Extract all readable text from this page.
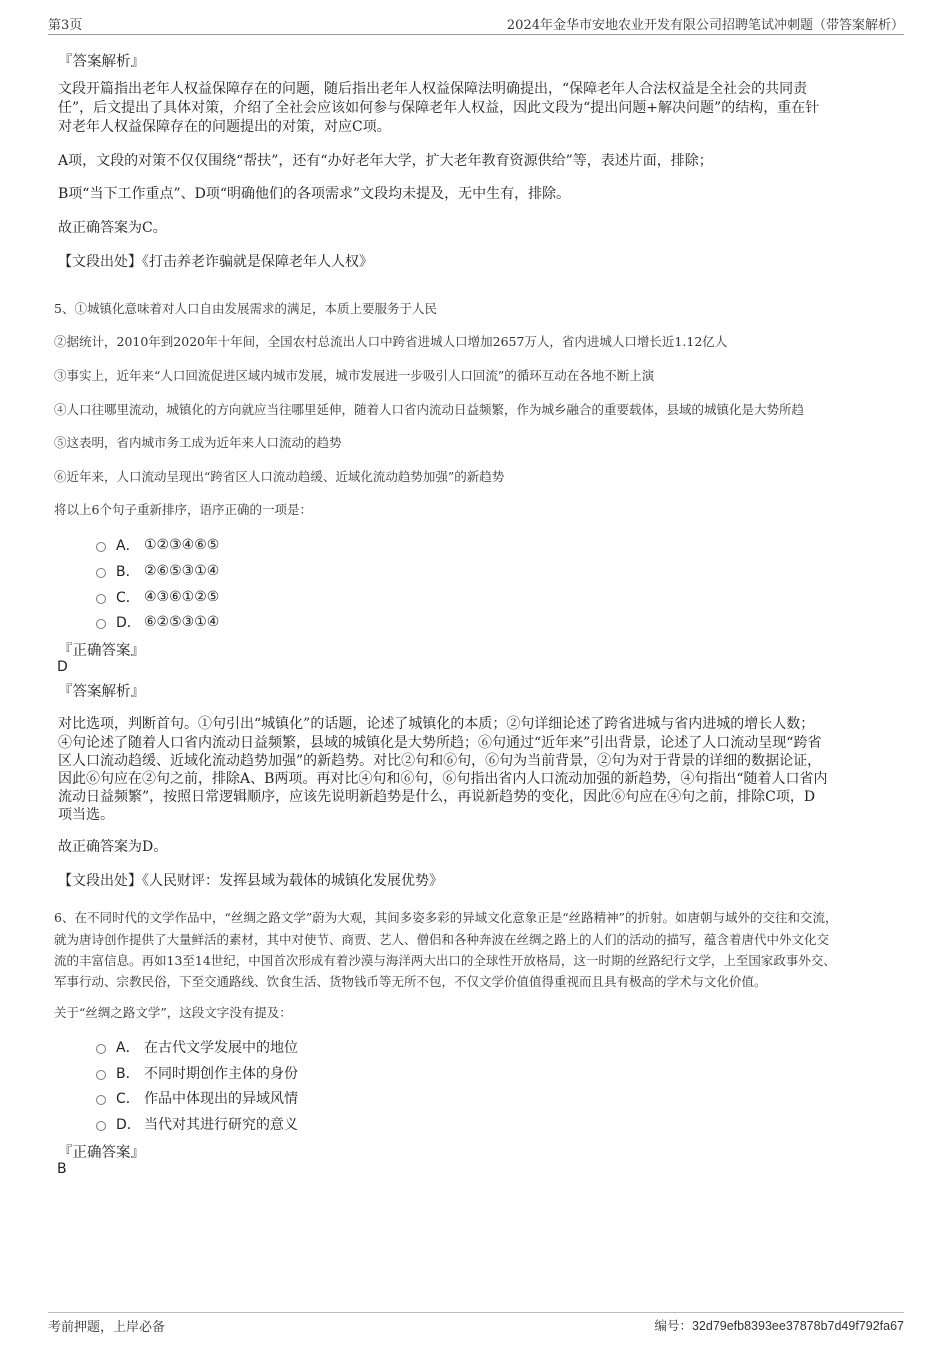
第3页	2024年金华市安地农业开发有限公司招聘笔试冲刺题（带答案解析）
『答案解析』
文段开篇指出老年人权益保障存在的问题，随后指出老年人权益保障法明确提出，“保障老年人合法权益是全社会的共同责
任”，后文提出了具体对策，介绍了全社会应该如何参与保障老年人权益，因此文段为“提出问题+解决问题”的结构，重在针
对老年人权益保障存在的问题提出的对策，对应C项。
A项，文段的对策不仅仅围绕“帮扶”，还有“办好老年大学，扩大老年教育资源供给”等，表述片面，排除；
B项“当下工作重点”、D项“明确他们的各项需求”文段均未提及，无中生有，排除。
故正确答案为C。
【文段出处】《打击养老诈骗就是保障老年人人权》
5、①城镇化意味着对人口自由发展需求的满足，本质上要服务于人民
②据统计，2010年到2020年十年间，全国农村总流出人口中跨省进城人口增加2657万人，省内进城人口增长近1.12亿人
③事实上，近年来“人口回流促进区域内城市发展，城市发展进一步吸引人口回流”的循环互动在各地不断上演
④人口往哪里流动，城镇化的方向就应当往哪里延伸，随着人口省内流动日益频繁，作为城乡融合的重要载体，县域的城镇化是大势所趋
⑤这表明，省内城市务工成为近年来人口流动的趋势
⑥近年来，人口流动呈现出“跨省区人口流动趋缓、近域化流动趋势加强”的新趋势
将以上6个句子重新排序，语序正确的一项是：
A． ①②③④⑥⑤
B． ②⑥⑤③①④
C． ④③⑥①②⑤
D． ⑥②⑤③①④
『正确答案』
D
『答案解析』
对比选项，判断首句。①句引出“城镇化”的话题，论述了城镇化的本质；②句详细论述了跨省进城与省内进城的增长人数；
④句论述了随着人口省内流动日益频繁，县域的城镇化是大势所趋；⑥句通过“近年来”引出背景，论述了人口流动呈现“跨省
区人口流动趋缓、近域化流动趋势加强”的新趋势。对比②句和⑥句，⑥句为当前背景，②句为对于背景的详细的数据论证，
因此⑥句应在②句之前，排除A、B两项。再对比④句和⑥句，⑥句指出省内人口流动加强的新趋势，④句指出“随着人口省内
流动日益频繁”，按照日常逻辑顺序，应该先说明新趋势是什么，再说新趋势的变化，因此⑥句应在④句之前，排除C项，D
项当选。
故正确答案为D。
【文段出处】《人民财评：发挥县域为载体的城镇化发展优势》
6、在不同时代的文学作品中，“丝绸之路文学”蔚为大观，其间多姿多彩的异域文化意象正是“丝路精神”的折射。如唐朝与域外的交往和交流，
就为唐诗创作提供了大量鲜活的素材，其中对使节、商贾、艺人、僧侣和各种奔波在丝绸之路上的人们的活动的描写，蕴含着唐代中外文化交
流的丰富信息。再如13至14世纪，中国首次形成有着沙漠与海洋两大出口的全球性开放格局，这一时期的丝路纪行文学，上至国家政事外交、
军事行动、宗教民俗，下至交通路线、饮食生活、货物钱币等无所不包，不仅文学价值值得重视而且具有极高的学术与文化价值。
关于“丝绸之路文学”，这段文字没有提及：
A． 在古代文学发展中的地位
B． 不同时期创作主体的身份
C． 作品中体现出的异域风情
D． 当代对其进行研究的意义
『正确答案』
B
考前押题，上岸必备	编号：32d79efb8393ee37878b7d49f792fa67
